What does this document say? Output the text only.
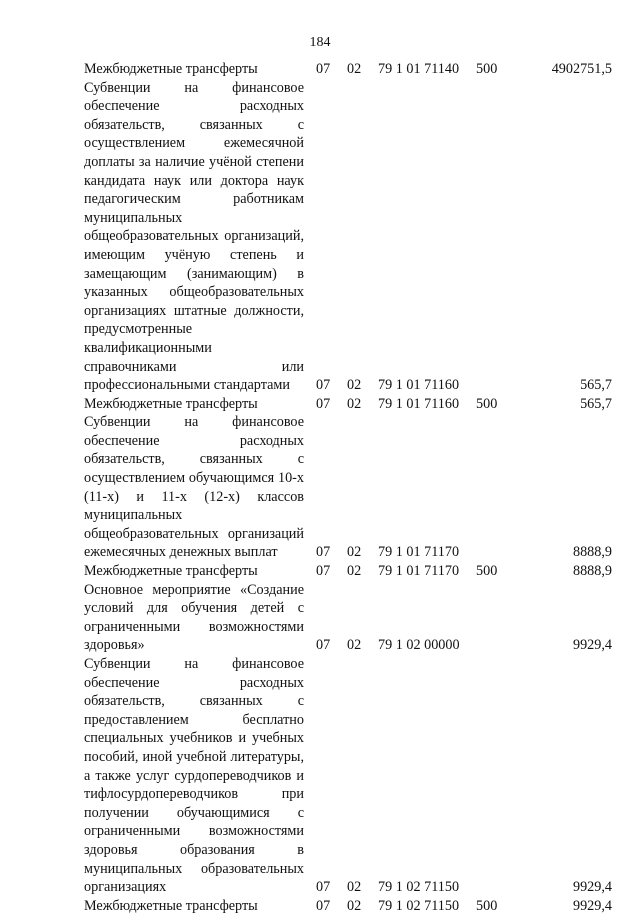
184
Межбюджетные трансферты	07 02 79 1 01 71140 500	4902751,5
Субвенции на финансовое обеспечение расходных обязательств, связанных с осуществлением ежемесячной доплаты за наличие учёной степени кандидата наук или доктора наук педагогическим работникам муниципальных общеобразовательных организаций, имеющим учёную степень и замещающим (занимающим) в указанных общеобразовательных организациях штатные должности, предусмотренные квалификационными справочниками или профессиональными стандартами	07 02 79 1 01 71160	565,7
Межбюджетные трансферты	07 02 79 1 01 71160 500	565,7
Субвенции на финансовое обеспечение расходных обязательств, связанных с осуществлением обучающимся 10-х (11-х) и 11-х (12-х) классов муниципальных общеобразовательных организаций ежемесячных денежных выплат	07 02 79 1 01 71170	8888,9
Межбюджетные трансферты	07 02 79 1 01 71170 500	8888,9
Основное мероприятие «Создание условий для обучения детей с ограниченными возможностями здоровья»	07 02 79 1 02 00000	9929,4
Субвенции на финансовое обеспечение расходных обязательств, связанных с предоставлением бесплатно специальных учебников и учебных пособий, иной учебной литературы, а также услуг сурдопереводчиков и тифлосурдопереводчиков при получении обучающимися с ограниченными возможностями здоровья образования в муниципальных образовательных организациях	07 02 79 1 02 71150	9929,4
Межбюджетные трансферты	07 02 79 1 02 71150 500	9929,4
